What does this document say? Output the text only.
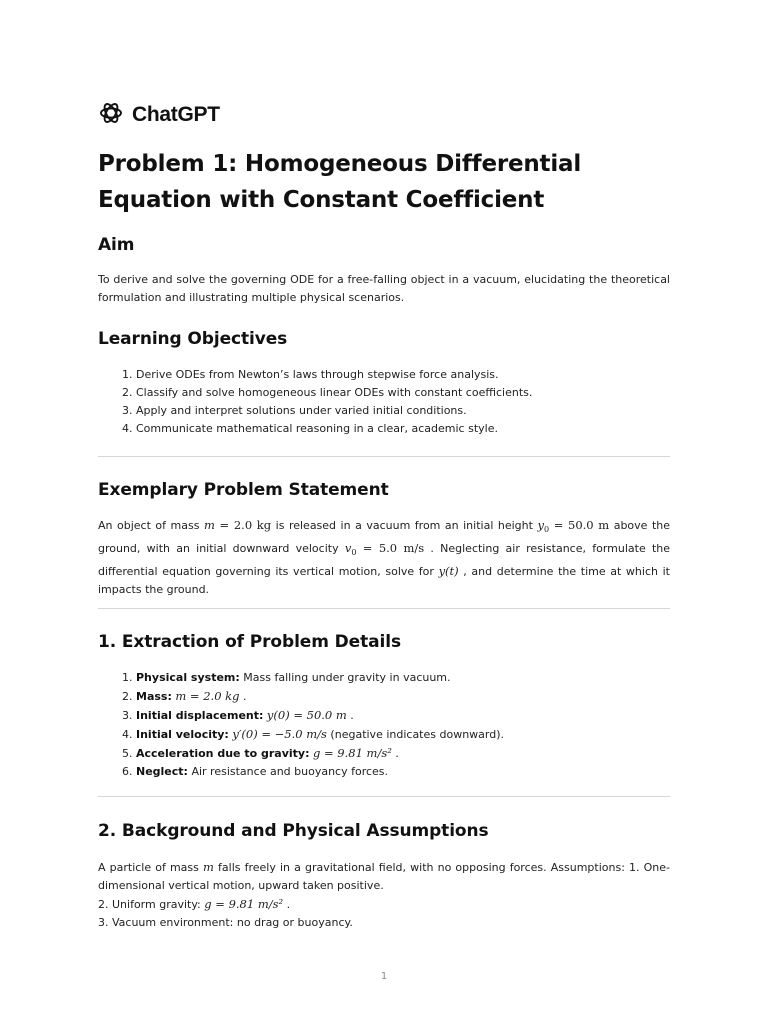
ChatGPT
Problem 1: Homogeneous Differential Equation with Constant Coefficient
Aim

To derive and solve the governing ODE for a free-falling object in a vacuum, elucidating the theoretical formulation and illustrating multiple physical scenarios.

Learning Objectives
1. Derive ODEs from Newton’s laws through stepwise force analysis.
2. Classify and solve homogeneous linear ODEs with constant coefficients.
3. Apply and interpret solutions under varied initial conditions.
4. Communicate mathematical reasoning in a clear, academic style.
Exemplary Problem Statement

An object of mass m = 2.0 kg is released in a vacuum from an initial height $y_0 = 50.0$ m above the ground, with an initial downward velocity $v_0 = 5.0$ m/s . Neglecting air resistance, formulate the differential equation governing its vertical motion, solve for y(t) , and determine the time at which it impacts the ground.

1. Extraction of Problem Details
1. Physical system: Mass falling under gravity in vacuum.
2. Mass: m = 2.0 kg .
3. Initial displacement: y(0) = 50.0 m .
4. Initial velocity: y′(0) = −5.0 m/s (negative indicates downward).
5. Acceleration due to gravity: g = 9.81 m/s² .
6. Neglect: Air resistance and buoyancy forces.
2. Background and Physical Assumptions

A particle of mass m falls freely in a gravitational field, with no opposing forces. Assumptions: 1. One-dimensional vertical motion, upward taken positive.
2. Uniform gravity: g = 9.81 m/s² .
3. Vacuum environment: no drag or buoyancy.

1
